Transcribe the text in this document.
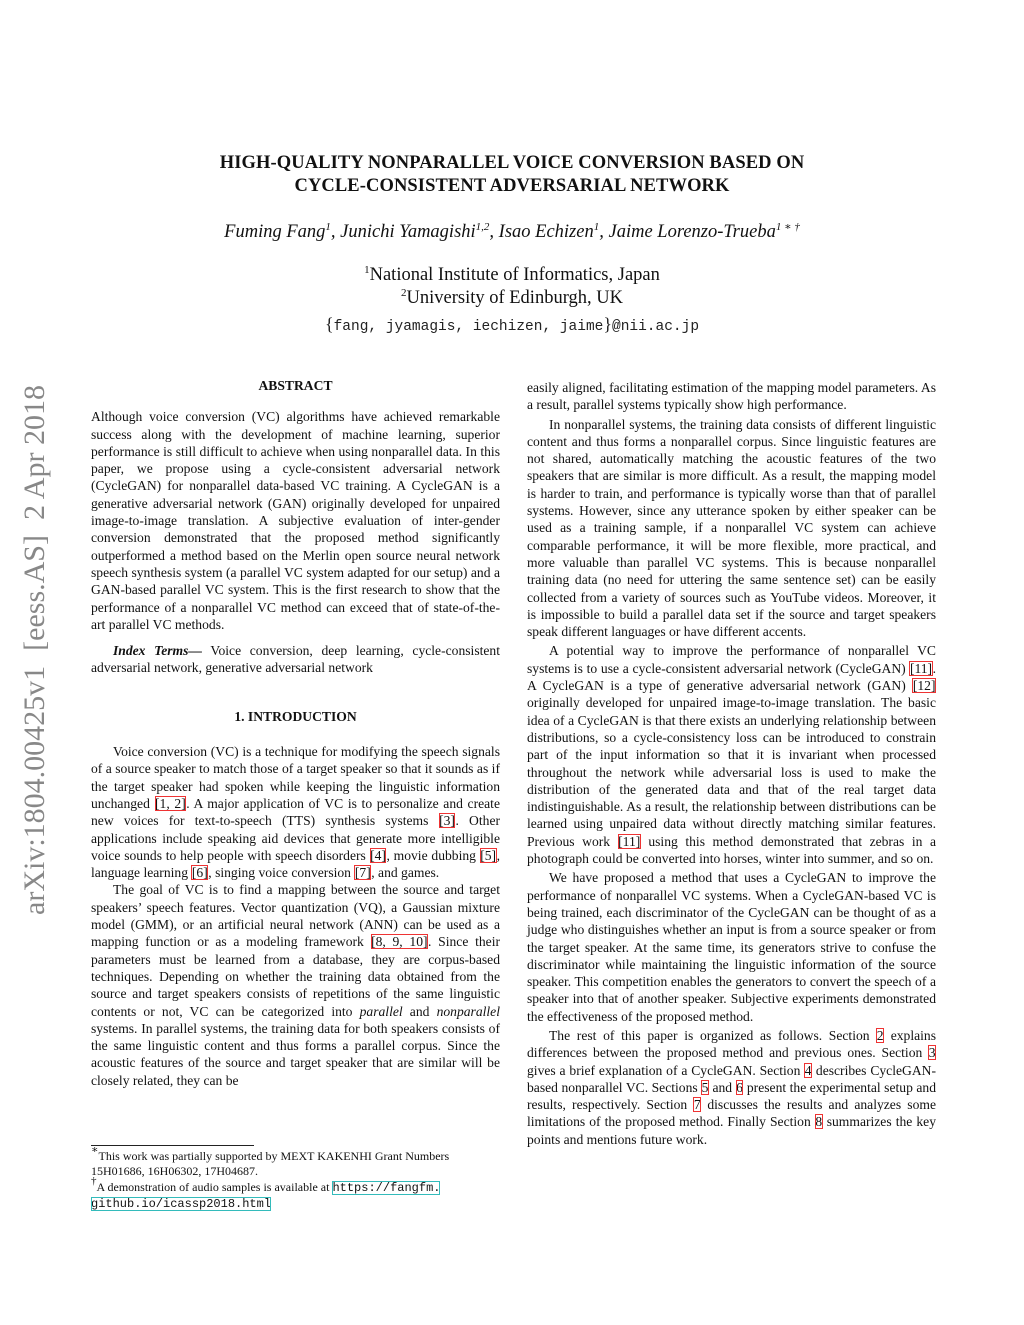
HIGH-QUALITY NONPARALLEL VOICE CONVERSION BASED ON
CYCLE-CONSISTENT ADVERSARIAL NETWORK
Fuming Fang$^1$, Junichi Yamagishi$^{1,2}$, Isao Echizen$^1$, Jaime Lorenzo-Trueba$^{1 ∗ \dagger}$
$^1$National Institute of Informatics, Japan
$^2$University of Edinburgh, UK
{fang, jyamagis, iechizen, jaime}@nii.ac.jp
arXiv:1804.00425v1  [eess.AS]  2 Apr 2018	ABSTRACT

Although voice conversion (VC) algorithms have achieved remarkable success along with the development of machine learning, superior performance is still difficult to achieve when using nonparallel data. In this paper, we propose using a cycle-consistent adversarial network (CycleGAN) for nonparallel data-based VC training. A CycleGAN is a generative adversarial network (GAN) originally developed for unpaired image-to-image translation. A subjective evaluation of inter-gender conversion demonstrated that the proposed method significantly outperformed a method based on the Merlin open source neural network speech synthesis system (a parallel VC system adapted for our setup) and a GAN-based parallel VC system. This is the first research to show that the performance of a nonparallel VC method can exceed that of state-of-the-art parallel VC methods.

Index Terms— Voice conversion, deep learning, cycle-consistent adversarial network, generative adversarial network

1. INTRODUCTION

Voice conversion (VC) is a technique for modifying the speech signals of a source speaker to match those of a target speaker so that it sounds as if the target speaker had spoken while keeping the linguistic information unchanged [1, 2]. A major application of VC is to personalize and create new voices for text-to-speech (TTS) synthesis systems [3]. Other applications include speaking aid devices that generate more intelligible voice sounds to help people with speech disorders [4], movie dubbing [5], language learning [6], singing voice conversion [7], and games.

The goal of VC is to find a mapping between the source and target speakers’ speech features. Vector quantization (VQ), a Gaussian mixture model (GMM), or an artificial neural network (ANN) can be used as a mapping function or as a modeling framework [8, 9, 10]. Since their parameters must be learned from a database, they are corpus-based techniques. Depending on whether the training data obtained from the source and target speakers consists of repetitions of the same linguistic contents or not, VC can be categorized into parallel and nonparallel systems. In parallel systems, the training data for both speakers consists of the same linguistic content and thus forms a parallel corpus. Since the acoustic features of the source and target speaker that are similar will be closely related, they can be

∗This work was partially supported by MEXT KAKENHI Grant Numbers 15H01686, 16H06302, 17H04687.
†A demonstration of audio samples is available at https://fangfm.
github.io/icassp2018.html

easily aligned, facilitating estimation of the mapping model parameters. As a result, parallel systems typically show high performance.

In nonparallel systems, the training data consists of different linguistic content and thus forms a nonparallel corpus. Since linguistic features are not shared, automatically matching the acoustic features of the two speakers that are similar is more difficult. As a result, the mapping model is harder to train, and performance is typically worse than that of parallel systems. However, since any utterance spoken by either speaker can be used as a training sample, if a nonparallel VC system can achieve comparable performance, it will be more flexible, more practical, and more valuable than parallel VC systems. This is because nonparallel training data (no need for uttering the same sentence set) can be easily collected from a variety of sources such as YouTube videos. Moreover, it is impossible to build a parallel data set if the source and target speakers speak different languages or have different accents.

A potential way to improve the performance of nonparallel VC systems is to use a cycle-consistent adversarial network (CycleGAN) [11]. A CycleGAN is a type of generative adversarial network (GAN) [12] originally developed for unpaired image-to-image translation. The basic idea of a CycleGAN is that there exists an underlying relationship between distributions, so a cycle-consistency loss can be introduced to constrain part of the input information so that it is invariant when processed throughout the network while adversarial loss is used to make the distribution of the generated data and that of the real target data indistinguishable. As a result, the relationship between distributions can be learned using unpaired data without directly matching similar features. Previous work [11] using this method demonstrated that zebras in a photograph could be converted into horses, winter into summer, and so on.

We have proposed a method that uses a CycleGAN to improve the performance of nonparallel VC systems. When a CycleGAN-based VC is being trained, each discriminator of the CycleGAN can be thought of as a judge who distinguishes whether an input is from a source speaker or from the target speaker. At the same time, its generators strive to confuse the discriminator while maintaining the linguistic information of the source speaker. This competition enables the generators to convert the speech of a speaker into that of another speaker. Subjective experiments demonstrated the effectiveness of the proposed method.

The rest of this paper is organized as follows. Section 2 explains differences between the proposed method and previous ones. Section 3 gives a brief explanation of a CycleGAN. Section 4 describes CycleGAN-based nonparallel VC. Sections 5 and 6 present the experimental setup and results, respectively. Section 7 discusses the results and analyzes some limitations of the proposed method. Finally Section 8 summarizes the key points and mentions future work.
